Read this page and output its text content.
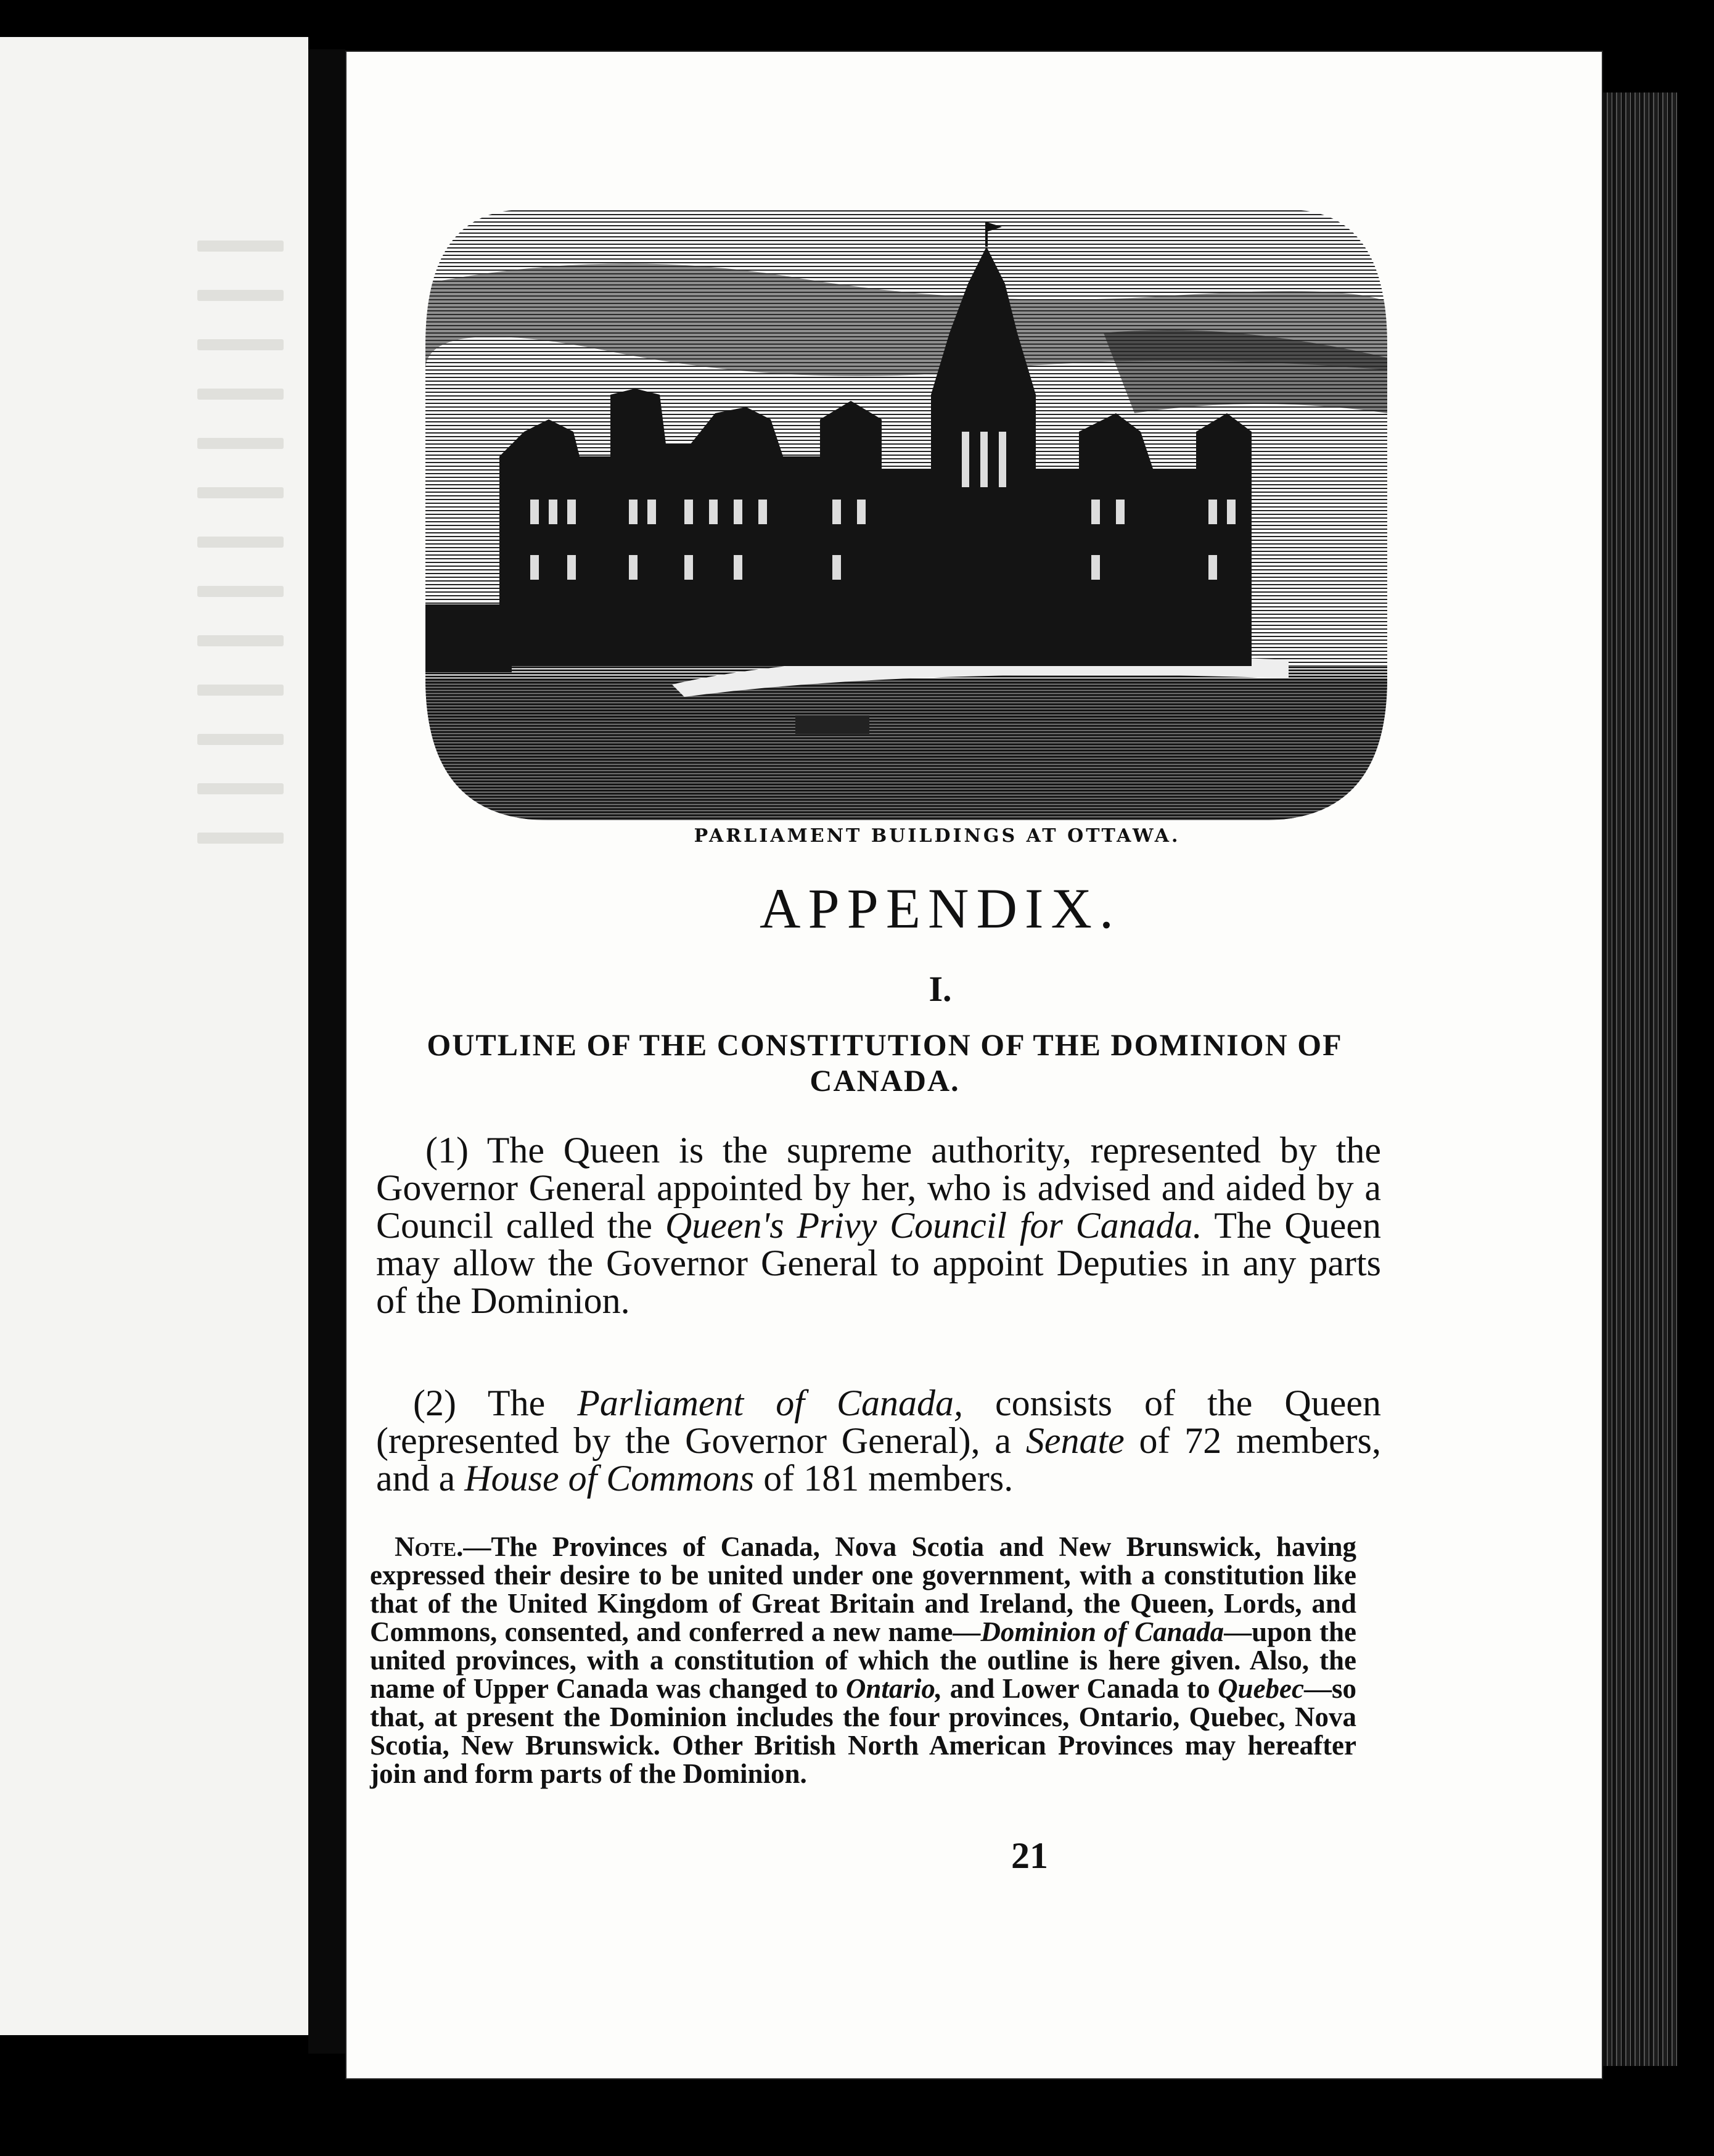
PARLIAMENT BUILDINGS AT OTTAWA.
APPENDIX.
I.
OUTLINE OF THE CONSTITUTION OF THE DOMINION OF CANADA.
(1) The Queen is the supreme authority, represented by the Governor General appointed by her, who is advised and aided by a Council called the Queen's Privy Council for Canada. The Queen may allow the Governor General to appoint Deputies in any parts of the Dominion.
(2) The Parliament of Canada, consists of the Queen (represented by the Governor General), a Senate of 72 members, and a House of Commons of 181 members.
Note.—The Provinces of Canada, Nova Scotia and New Brunswick, having expressed their desire to be united under one government, with a constitution like that of the United Kingdom of Great Britain and Ireland, the Queen, Lords, and Commons, consented, and conferred a new name—Dominion of Canada—upon the united provinces, with a constitution of which the outline is here given. Also, the name of Upper Canada was changed to Ontario, and Lower Canada to Quebec—so that, at present the Dominion includes the four provinces, Ontario, Quebec, Nova Scotia, New Brunswick. Other British North American Provinces may hereafter join and form parts of the Dominion.
21
